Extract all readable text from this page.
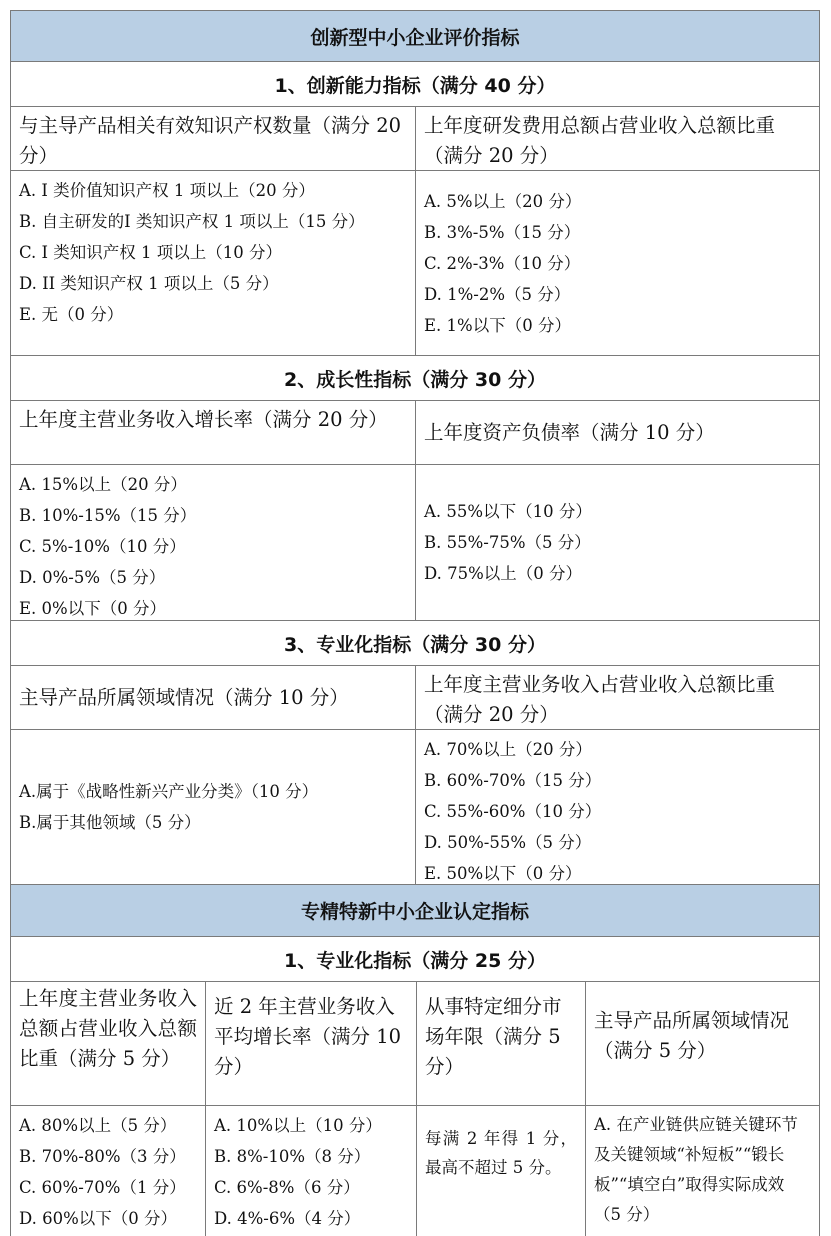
创新型中小企业评价指标
1、创新能力指标（满分 40 分）
与主导产品相关有效知识产权数量（满分 20 分）
上年度研发费用总额占营业收入总额比重（满分 20 分）
A. I 类价值知识产权 1 项以上（20 分）
B. 自主研发的I 类知识产权 1 项以上（15 分）
C. I 类知识产权 1 项以上（10 分）
D. II 类知识产权 1 项以上（5 分）
E. 无（0 分）
A. 5%以上（20 分）
B. 3%-5%（15 分）
C. 2%-3%（10 分）
D. 1%-2%（5 分）
E. 1%以下（0 分）
2、成长性指标（满分 30 分）
上年度主营业务收入增长率（满分 20 分）
上年度资产负债率（满分 10 分）
A. 15%以上（20 分）
B. 10%-15%（15 分）
C. 5%-10%（10 分）
D. 0%-5%（5 分）
E. 0%以下（0 分）
A. 55%以下（10 分）
B. 55%-75%（5 分）
D. 75%以上（0 分）
3、专业化指标（满分 30 分）
主导产品所属领域情况（满分 10 分）
上年度主营业务收入占营业收入总额比重（满分 20 分）
A.属于《战略性新兴产业分类》（10 分）
B.属于其他领域（5 分）
A. 70%以上（20 分）
B. 60%-70%（15 分）
C. 55%-60%（10 分）
D. 50%-55%（5 分）
E. 50%以下（0 分）
专精特新中小企业认定指标
1、专业化指标（满分 25 分）
上年度主营业务收入总额占营业收入总额比重（满分 5 分）
近 2 年主营业务收入平均增长率（满分 10 分）
从事特定细分市场年限（满分 5 分）
主导产品所属领域情况（满分 5 分）
A. 80%以上（5 分）
B. 70%-80%（3 分）
C. 60%-70%（1 分）
D. 60%以下（0 分）
A. 10%以上（10 分）
B. 8%-10%（8 分）
C. 6%-8%（6 分）
D. 4%-6%（4 分）
每满 2 年得 1 分，最高不超过 5 分。
A. 在产业链供应链关键环节及关键领域“补短板”“锻长板”“填空白”取得实际成效（5 分）
